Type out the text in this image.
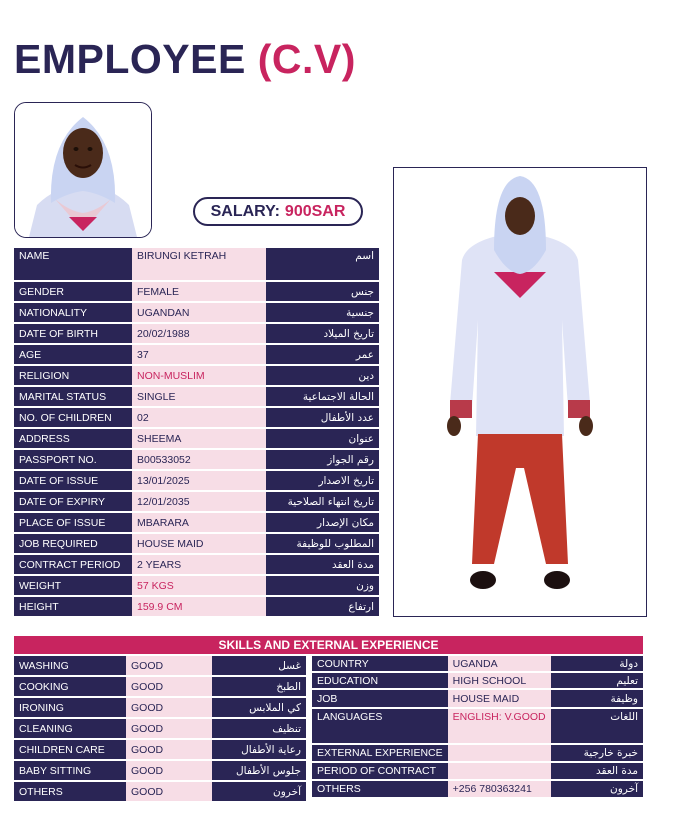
EMPLOYEE (C.V)
SALARY: 900SAR
NAME	BIRUNGI KETRAH	اسم
GENDER	FEMALE	جنس
NATIONALITY	UGANDAN	جنسية
DATE OF BIRTH	20/02/1988	تاريخ الميلاد
AGE	37	عمر
RELIGION	NON-MUSLIM	دين
MARITAL STATUS	SINGLE	الحالة الاجتماعية
NO. OF CHILDREN	02	عدد الأطفال
ADDRESS	SHEEMA	عنوان
PASSPORT NO.	B00533052	رقم الجواز
DATE OF ISSUE	13/01/2025	تاريخ الاصدار
DATE OF EXPIRY	12/01/2035	تاريخ انتهاء الصلاحية
PLACE OF ISSUE	MBARARA	مكان الإصدار
JOB REQUIRED	HOUSE MAID	المطلوب للوظيفة
CONTRACT PERIOD	2 YEARS	مدة العقد
WEIGHT	57 KGS	وزن
HEIGHT	159.9 CM	ارتفاع
SKILLS AND EXTERNAL EXPERIENCE
WASHING	GOOD	غسل
COOKING	GOOD	الطبخ
IRONING	GOOD	كي الملابس
CLEANING	GOOD	تنظيف
CHILDREN CARE	GOOD	رعاية الأطفال
BABY SITTING	GOOD	جلوس الأطفال
OTHERS	GOOD	آخرون
COUNTRY	UGANDA	دولة
EDUCATION	HIGH SCHOOL	تعليم
JOB	HOUSE MAID	وظيفة
LANGUAGES	ENGLISH: V.GOOD	اللغات
EXTERNAL EXPERIENCE		خبرة خارجية
PERIOD OF CONTRACT		مدة العقد
OTHERS	+256 780363241	آخرون
